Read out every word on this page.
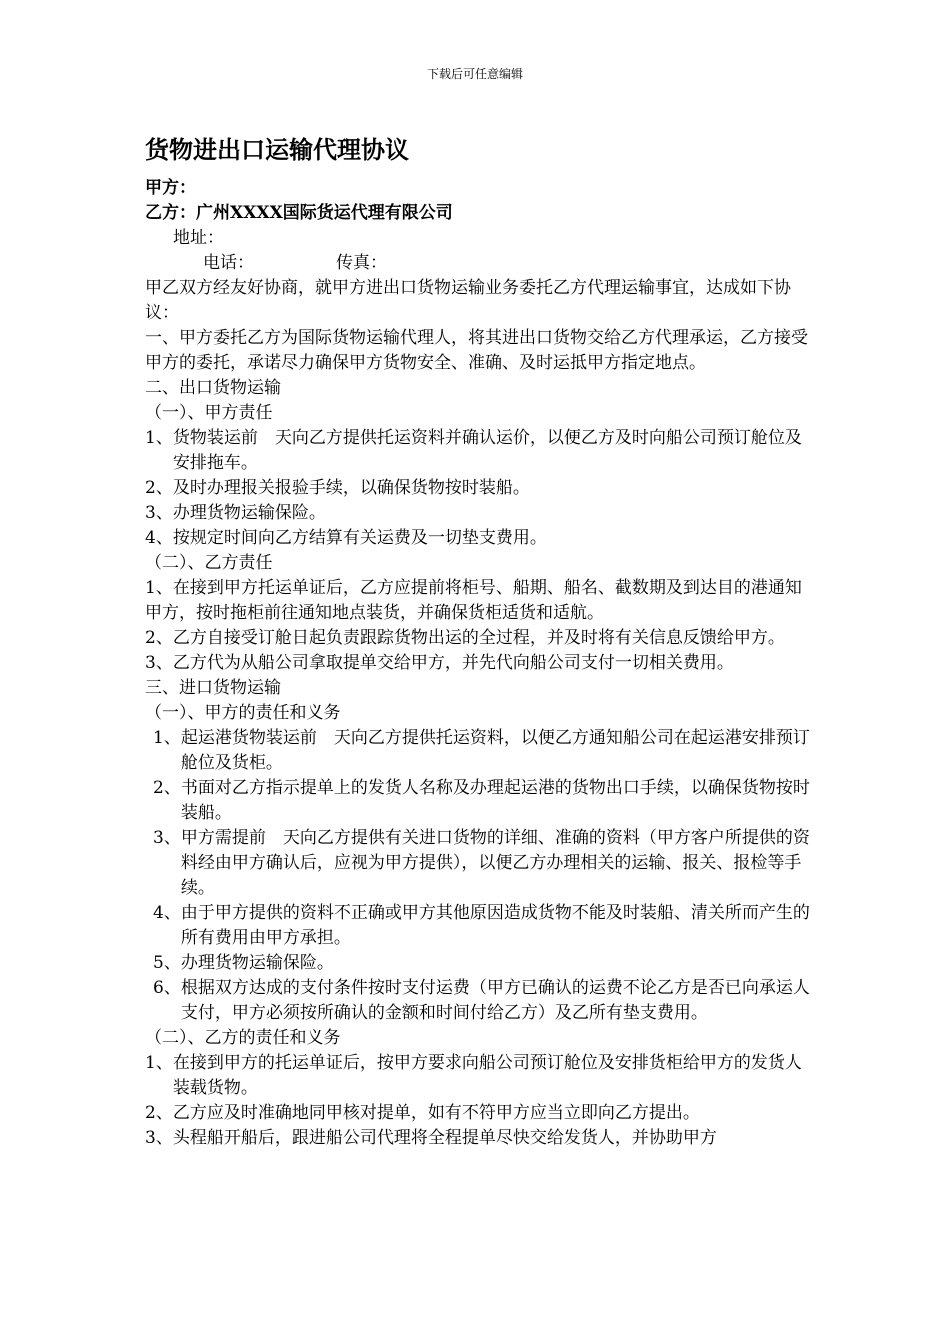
下载后可任意编辑
货物进出口运输代理协议
甲方：
乙方：广州XXXX国际货运代理有限公司
地址：
电话：	传真：

甲乙双方经友好协商，就甲方进出口货物运输业务委托乙方代理运输事宜，达成如下协议：

一、甲方委托乙方为国际货物运输代理人，将其进出口货物交给乙方代理承运，乙方接受甲方的委托，承诺尽力确保甲方货物安全、准确、及时运抵甲方指定地点。

二、出口货物运输

（一）、甲方责任

1、 货物装运前　天向乙方提供托运资料并确认运价，以便乙方及时向船公司预订舱位及安排拖车。
2、 及时办理报关报验手续，以确保货物按时装船。
3、 办理货物运输保险。
4、 按规定时间向乙方结算有关运费及一切垫支费用。

（二）、乙方责任

1、在接到甲方托运单证后，乙方应提前将柜号、船期、船名、截数期及到达目的港通知甲方，按时拖柜前往通知地点装货，并确保货柜适货和适航。

2、乙方自接受订舱日起负责跟踪货物出运的全过程，并及时将有关信息反馈给甲方。

3、乙方代为从船公司拿取提单交给甲方，并先代向船公司支付一切相关费用。

三、进口货物运输

（一）、甲方的责任和义务

1、 起运港货物装运前　天向乙方提供托运资料，以便乙方通知船公司在起运港安排预订舱位及货柜。
2、 书面对乙方指示提单上的发货人名称及办理起运港的货物出口手续，以确保货物按时装船。
3、 甲方需提前　天向乙方提供有关进口货物的详细、准确的资料（甲方客户所提供的资料经由甲方确认后，应视为甲方提供），以便乙方办理相关的运输、报关、报检等手续。
4、 由于甲方提供的资料不正确或甲方其他原因造成货物不能及时装船、清关所而产生的所有费用由甲方承担。
5、 办理货物运输保险。
6、 根据双方达成的支付条件按时支付运费（甲方已确认的运费不论乙方是否已向承运人支付，甲方必须按所确认的金额和时间付给乙方）及乙所有垫支费用。

（二）、乙方的责任和义务

1、 在接到甲方的托运单证后，按甲方要求向船公司预订舱位及安排货柜给甲方的发货人装载货物。
2、 乙方应及时准确地同甲核对提单，如有不符甲方应当立即向乙方提出。
3、 头程船开船后，跟进船公司代理将全程提单尽快交给发货人，并协助甲方
